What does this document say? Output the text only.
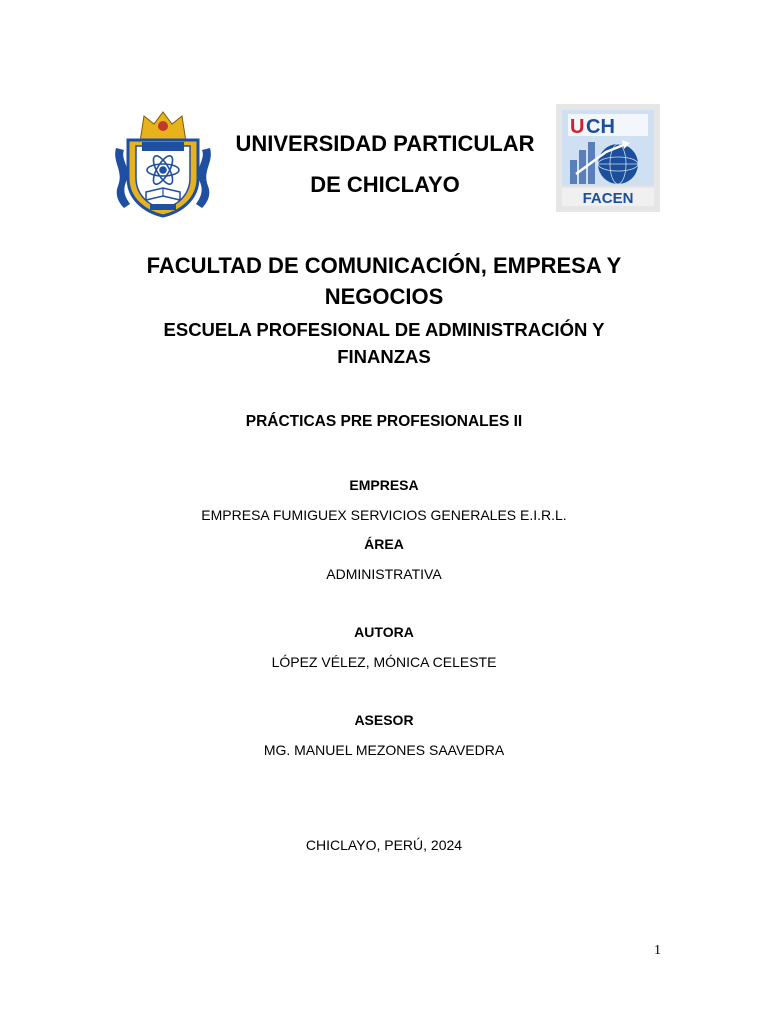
U CH
FACEN
UNIVERSIDAD PARTICULAR
DE CHICLAYO
FACULTAD DE COMUNICACIÓN, EMPRESA Y
NEGOCIOS
ESCUELA PROFESIONAL DE ADMINISTRACIÓN Y
FINANZAS
PRÁCTICAS PRE PROFESIONALES II
EMPRESA
EMPRESA FUMIGUEX SERVICIOS GENERALES E.I.R.L.
ÁREA
ADMINISTRATIVA
AUTORA
LÓPEZ VÉLEZ, MÓNICA CELESTE
ASESOR
MG. MANUEL MEZONES SAAVEDRA
CHICLAYO, PERÚ, 2024
1
